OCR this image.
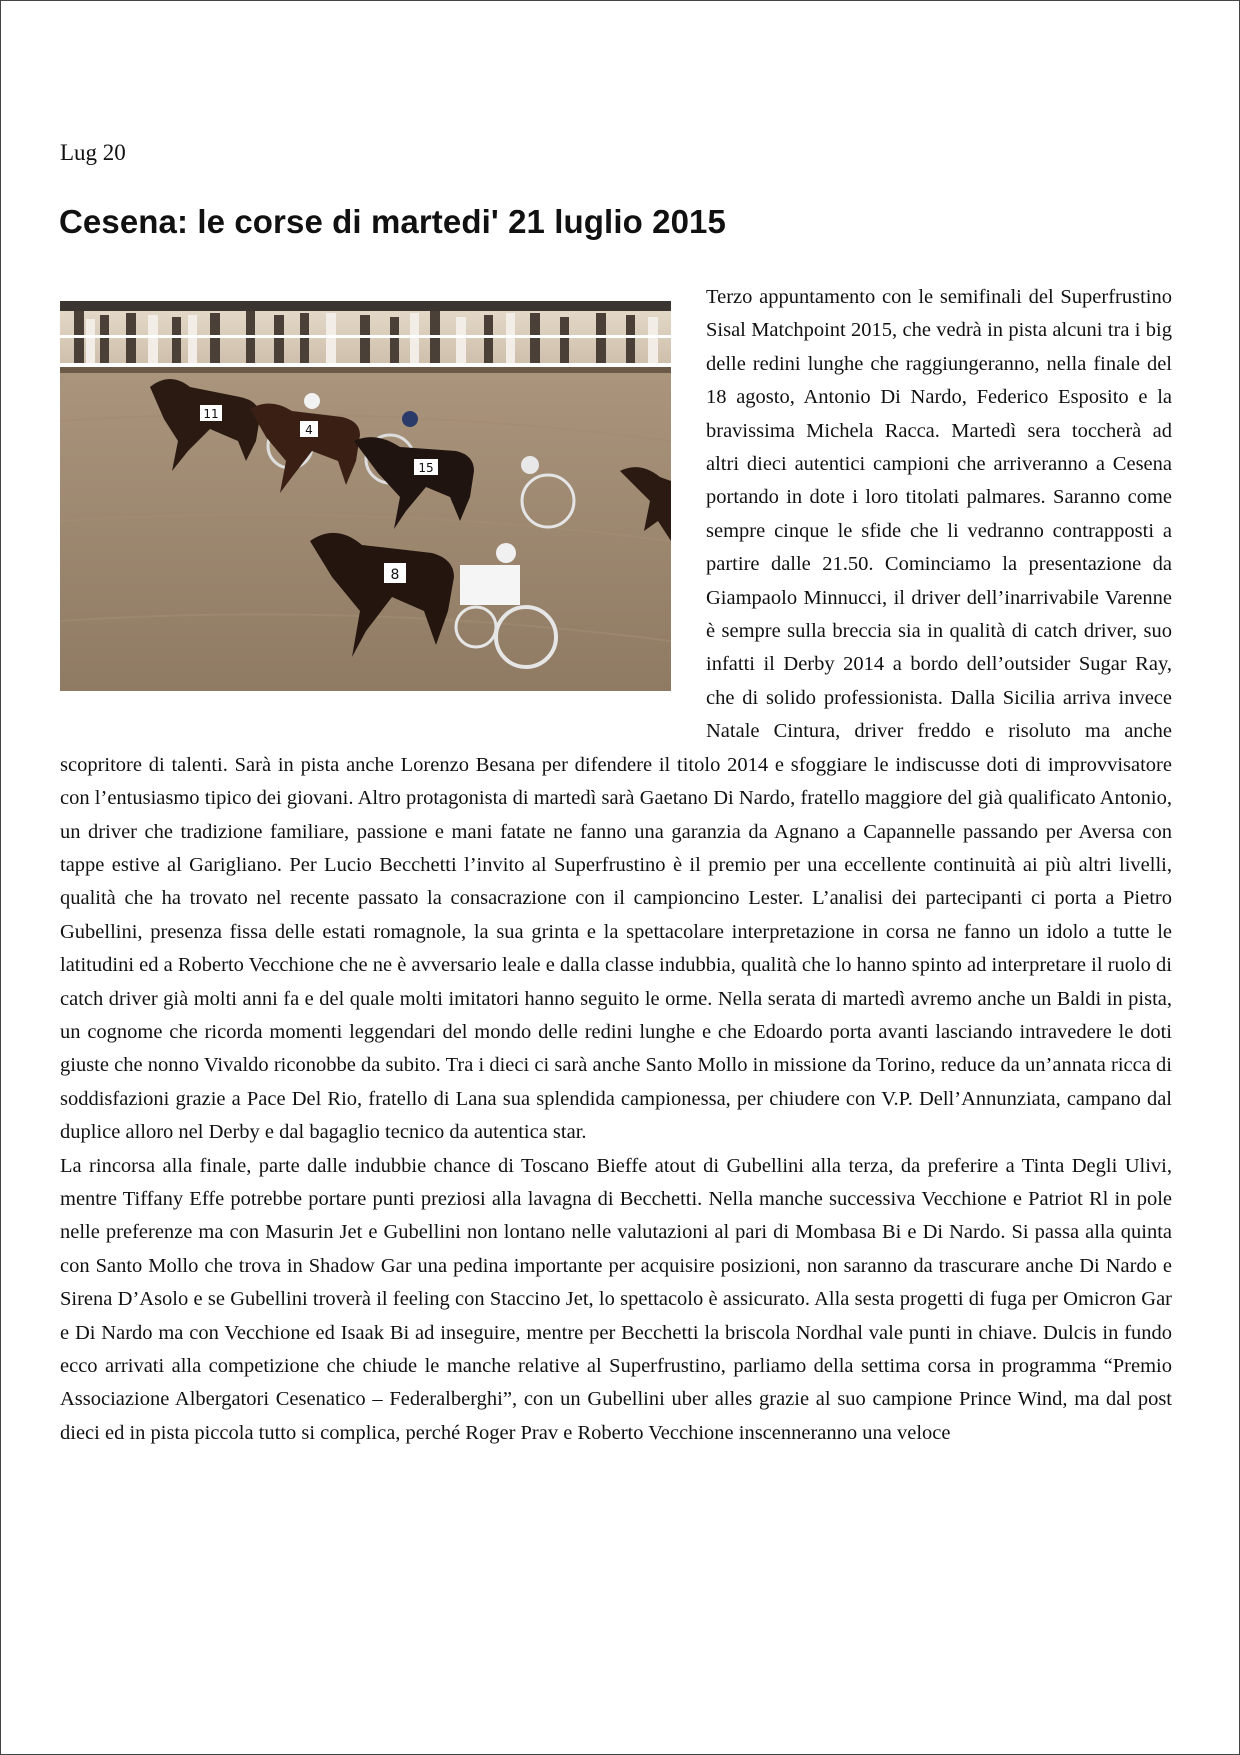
Lug 20
Cesena: le corse di martedi' 21 luglio 2015
11
4
15
8

Terzo appuntamento con le semifinali del Superfrustino Sisal Matchpoint 2015, che vedrà in pista alcuni tra i big delle redini lunghe che raggiungeranno, nella finale del 18 agosto, Antonio Di Nardo, Federico Esposito e la bravissima Michela Racca. Martedì sera toccherà ad altri dieci autentici campioni che arriveranno a Cesena portando in dote i loro titolati palmares. Saranno come sempre cinque le sfide che li vedranno contrapposti a partire dalle 21.50. Cominciamo la presentazione da Giampaolo Minnucci, il driver dell’inarrivabile Varenne è sempre sulla breccia sia in qualità di catch driver, suo infatti il Derby 2014 a bordo dell’outsider Sugar Ray, che di solido professionista. Dalla Sicilia arriva invece Natale Cintura, driver freddo e risoluto ma anche scopritore di talenti. Sarà in pista anche Lorenzo Besana per difendere il titolo 2014 e sfoggiare le indiscusse doti di improvvisatore con l’entusiasmo tipico dei giovani. Altro protagonista di martedì sarà Gaetano Di Nardo, fratello maggiore del già qualificato Antonio, un driver che tradizione familiare, passione e mani fatate ne fanno una garanzia da Agnano a Capannelle passando per Aversa con tappe estive al Garigliano. Per Lucio Becchetti l’invito al Superfrustino è il premio per una eccellente continuità ai più altri livelli, qualità che ha trovato nel recente passato la consacrazione con il campioncino Lester. L’analisi dei partecipanti ci porta a Pietro Gubellini, presenza fissa delle estati romagnole, la sua grinta e la spettacolare interpretazione in corsa ne fanno un idolo a tutte le latitudini ed a Roberto Vecchione che ne è avversario leale e dalla classe indubbia, qualità che lo hanno spinto ad interpretare il ruolo di catch driver già molti anni fa e del quale molti imitatori hanno seguito le orme. Nella serata di martedì avremo anche un Baldi in pista, un cognome che ricorda momenti leggendari del mondo delle redini lunghe e che Edoardo porta avanti lasciando intravedere le doti giuste che nonno Vivaldo riconobbe da subito. Tra i dieci ci sarà anche Santo Mollo in missione da Torino, reduce da un’annata ricca di soddisfazioni grazie a Pace Del Rio, fratello di Lana sua splendida campionessa, per chiudere con V.P. Dell’Annunziata, campano dal duplice alloro nel Derby e dal bagaglio tecnico da autentica star.

La rincorsa alla finale, parte dalle indubbie chance di Toscano Bieffe atout di Gubellini alla terza, da preferire a Tinta Degli Ulivi, mentre Tiffany Effe potrebbe portare punti preziosi alla lavagna di Becchetti. Nella manche successiva Vecchione e Patriot Rl in pole nelle preferenze ma con Masurin Jet e Gubellini non lontano nelle valutazioni al pari di Mombasa Bi e Di Nardo. Si passa alla quinta con Santo Mollo che trova in Shadow Gar una pedina importante per acquisire posizioni, non saranno da trascurare anche Di Nardo e Sirena D’Asolo e se Gubellini troverà il feeling con Staccino Jet, lo spettacolo è assicurato. Alla sesta progetti di fuga per Omicron Gar e Di Nardo ma con Vecchione ed Isaak Bi ad inseguire, mentre per Becchetti la briscola Nordhal vale punti in chiave. Dulcis in fundo ecco arrivati alla competizione che chiude le manche relative al Superfrustino, parliamo della settima corsa in programma “Premio Associazione Albergatori Cesenatico – Federalberghi”, con un Gubellini uber alles grazie al suo campione Prince Wind, ma dal post dieci ed in pista piccola tutto si complica, perché Roger Prav e Roberto Vecchione inscenneranno una veloce
